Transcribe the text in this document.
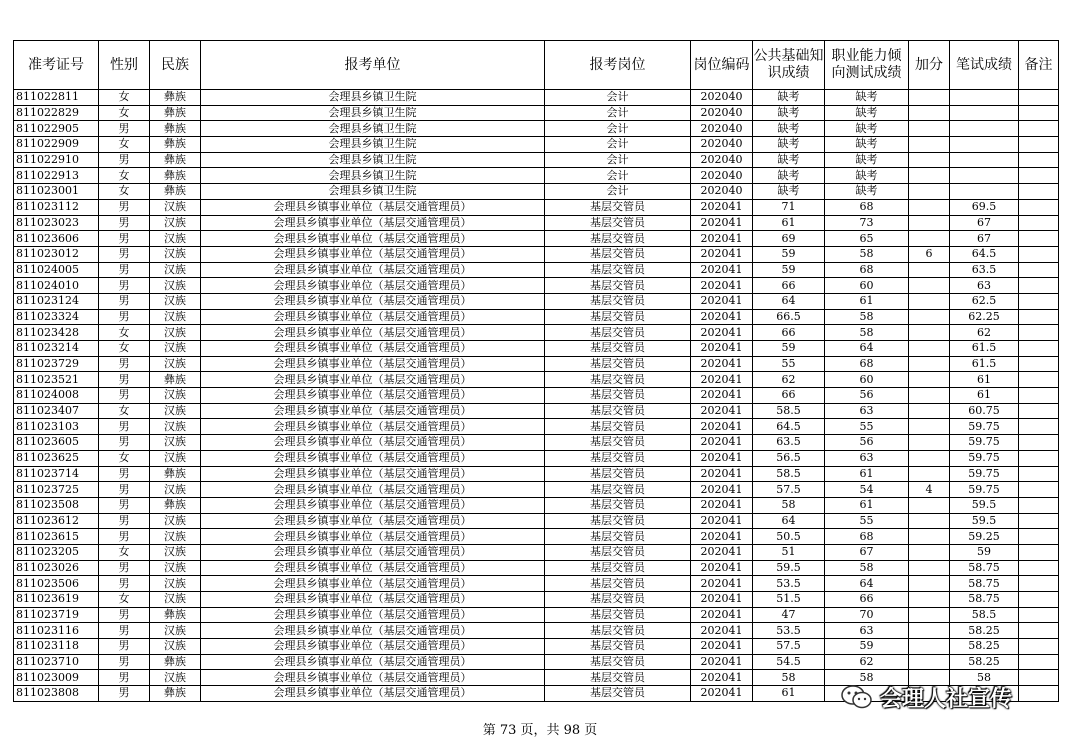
准考证号	性别	民族	报考单位	报考岗位	岗位编码	公共基础知识成绩	职业能力倾向测试成绩	加分	笔试成绩	备注
811022811	女	彝族	会理县乡镇卫生院	会计	202040	缺考	缺考			
811022829	女	彝族	会理县乡镇卫生院	会计	202040	缺考	缺考			
811022905	男	彝族	会理县乡镇卫生院	会计	202040	缺考	缺考			
811022909	女	彝族	会理县乡镇卫生院	会计	202040	缺考	缺考			
811022910	男	彝族	会理县乡镇卫生院	会计	202040	缺考	缺考			
811022913	女	彝族	会理县乡镇卫生院	会计	202040	缺考	缺考			
811023001	女	彝族	会理县乡镇卫生院	会计	202040	缺考	缺考			
811023112	男	汉族	会理县乡镇事业单位（基层交通管理员）	基层交管员	202041	71	68		69.5	
811023023	男	汉族	会理县乡镇事业单位（基层交通管理员）	基层交管员	202041	61	73		67	
811023606	男	汉族	会理县乡镇事业单位（基层交通管理员）	基层交管员	202041	69	65		67	
811023012	男	汉族	会理县乡镇事业单位（基层交通管理员）	基层交管员	202041	59	58	6	64.5	
811024005	男	汉族	会理县乡镇事业单位（基层交通管理员）	基层交管员	202041	59	68		63.5	
811024010	男	汉族	会理县乡镇事业单位（基层交通管理员）	基层交管员	202041	66	60		63	
811023124	男	汉族	会理县乡镇事业单位（基层交通管理员）	基层交管员	202041	64	61		62.5	
811023324	男	汉族	会理县乡镇事业单位（基层交通管理员）	基层交管员	202041	66.5	58		62.25	
811023428	女	汉族	会理县乡镇事业单位（基层交通管理员）	基层交管员	202041	66	58		62	
811023214	女	汉族	会理县乡镇事业单位（基层交通管理员）	基层交管员	202041	59	64		61.5	
811023729	男	汉族	会理县乡镇事业单位（基层交通管理员）	基层交管员	202041	55	68		61.5	
811023521	男	彝族	会理县乡镇事业单位（基层交通管理员）	基层交管员	202041	62	60		61	
811024008	男	汉族	会理县乡镇事业单位（基层交通管理员）	基层交管员	202041	66	56		61	
811023407	女	汉族	会理县乡镇事业单位（基层交通管理员）	基层交管员	202041	58.5	63		60.75	
811023103	男	汉族	会理县乡镇事业单位（基层交通管理员）	基层交管员	202041	64.5	55		59.75	
811023605	男	汉族	会理县乡镇事业单位（基层交通管理员）	基层交管员	202041	63.5	56		59.75	
811023625	女	汉族	会理县乡镇事业单位（基层交通管理员）	基层交管员	202041	56.5	63		59.75	
811023714	男	彝族	会理县乡镇事业单位（基层交通管理员）	基层交管员	202041	58.5	61		59.75	
811023725	男	汉族	会理县乡镇事业单位（基层交通管理员）	基层交管员	202041	57.5	54	4	59.75	
811023508	男	彝族	会理县乡镇事业单位（基层交通管理员）	基层交管员	202041	58	61		59.5	
811023612	男	汉族	会理县乡镇事业单位（基层交通管理员）	基层交管员	202041	64	55		59.5	
811023615	男	汉族	会理县乡镇事业单位（基层交通管理员）	基层交管员	202041	50.5	68		59.25	
811023205	女	汉族	会理县乡镇事业单位（基层交通管理员）	基层交管员	202041	51	67		59	
811023026	男	汉族	会理县乡镇事业单位（基层交通管理员）	基层交管员	202041	59.5	58		58.75	
811023506	男	汉族	会理县乡镇事业单位（基层交通管理员）	基层交管员	202041	53.5	64		58.75	
811023619	女	汉族	会理县乡镇事业单位（基层交通管理员）	基层交管员	202041	51.5	66		58.75	
811023719	男	彝族	会理县乡镇事业单位（基层交通管理员）	基层交管员	202041	47	70		58.5	
811023116	男	汉族	会理县乡镇事业单位（基层交通管理员）	基层交管员	202041	53.5	63		58.25	
811023118	男	汉族	会理县乡镇事业单位（基层交通管理员）	基层交管员	202041	57.5	59		58.25	
811023710	男	彝族	会理县乡镇事业单位（基层交通管理员）	基层交管员	202041	54.5	62		58.25	
811023009	男	汉族	会理县乡镇事业单位（基层交通管理员）	基层交管员	202041	58	58		58	
811023808	男	彝族	会理县乡镇事业单位（基层交通管理员）	基层交管员	202041	61				
第 73 页，共 98 页
会理人社宣传
